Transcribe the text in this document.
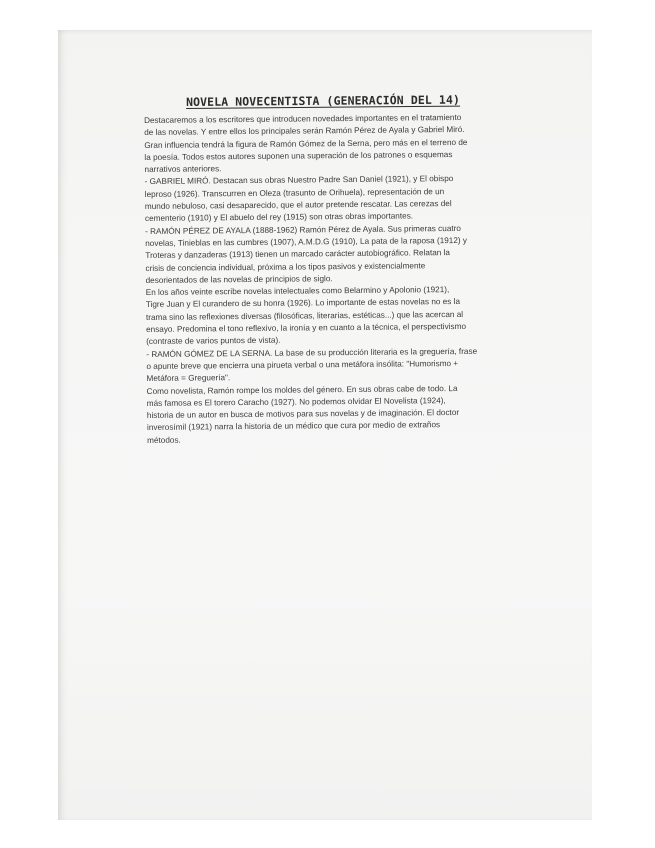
NOVELA NOVECENTISTA (GENERACIÓN DEL 14)
Destacaremos a los escritores que introducen novedades importantes en el tratamiento
de las novelas. Y entre ellos los principales serán Ramón Pérez de Ayala y Gabriel Miró.
Gran influencia tendrá la figura de Ramón Gómez de la Serna, pero más en el terreno de
la poesía. Todos estos autores suponen una superación de los patrones o esquemas
narrativos anteriores.
- GABRIEL MIRÓ. Destacan sus obras Nuestro Padre San Daniel (1921), y El obispo
leproso (1926). Transcurren en Oleza (trasunto de Orihuela), representación de un
mundo nebuloso, casi desaparecido, que el autor pretende rescatar. Las cerezas del
cementerio (1910) y El abuelo del rey (1915) son otras obras importantes.
- RAMÓN PÉREZ DE AYALA (1888-1962) Ramón Pérez de Ayala. Sus primeras cuatro
novelas, Tinieblas en las cumbres (1907), A.M.D.G (1910), La pata de la raposa (1912) y
Troteras y danzaderas (1913) tienen un marcado carácter autobiográfico. Relatan la
crisis de conciencia individual, próxima a los tipos pasivos y existencialmente
desorientados de las novelas de principios de siglo.
En los años veinte escribe novelas intelectuales como Belarmino y Apolonio (1921),
Tigre Juan y El curandero de su honra (1926). Lo importante de estas novelas no es la
trama sino las reflexiones diversas (filosóficas, literarias, estéticas...) que las acercan al
ensayo. Predomina el tono reflexivo, la ironía y en cuanto a la técnica, el perspectivismo
(contraste de varios puntos de vista).
- RAMÓN GÓMEZ DE LA SERNA. La base de su producción literaria es la greguería, frase
o apunte breve que encierra una pirueta verbal o una metáfora insólita: "Humorismo +
Metáfora = Greguería".
Como novelista, Ramón rompe los moldes del género. En sus obras cabe de todo. La
más famosa es El torero Caracho (1927). No podemos olvidar El Novelista (1924),
historia de un autor en busca de motivos para sus novelas y de imaginación. El doctor
inverosímil (1921) narra la historia de un médico que cura por medio de extraños
métodos.
